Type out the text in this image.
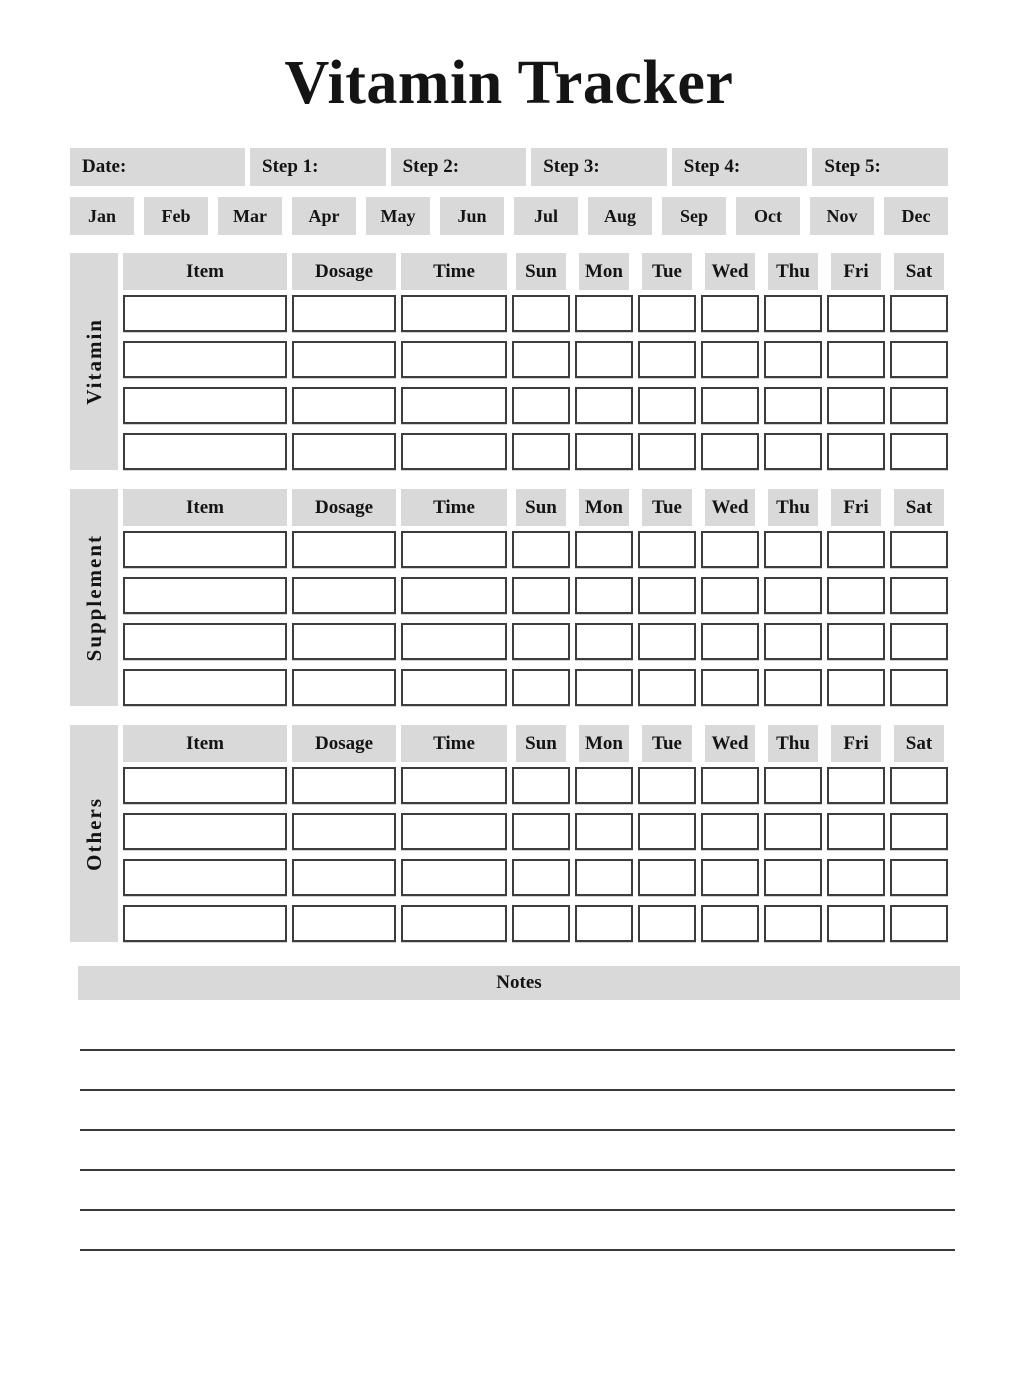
Vitamin Tracker
Date:	Step 1:	Step 2:	Step 3:	Step 4:	Step 5:
Jan	Feb	Mar	Apr	May	Jun	Jul	Aug	Sep	Oct	Nov	Dec
Vitamin
Item	Dosage	Time	Sun	Mon	Tue	Wed	Thu	Fri	Sat
Supplement
Item	Dosage	Time	Sun	Mon	Tue	Wed	Thu	Fri	Sat
Others
Item	Dosage	Time	Sun	Mon	Tue	Wed	Thu	Fri	Sat
Notes
